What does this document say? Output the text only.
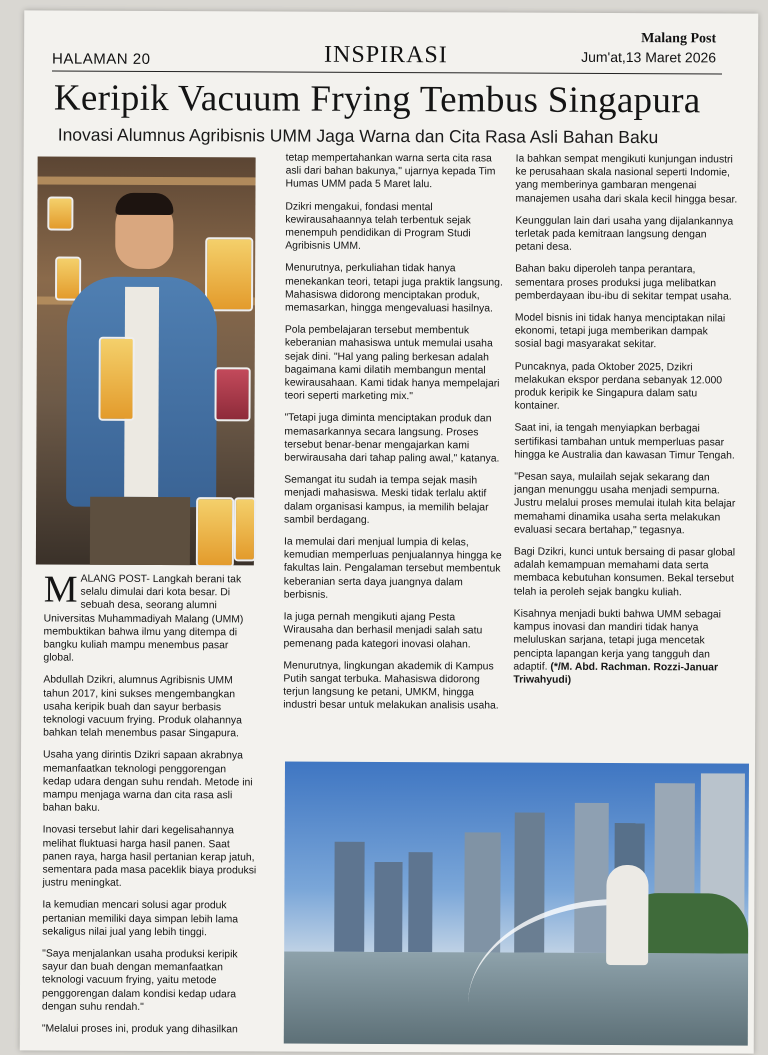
HALAMAN 20	INSPIRASI
Malang Post
Jum'at,13 Maret 2026
Keripik Vacuum Frying Tembus Singapura
Inovasi Alumnus Agribisnis UMM Jaga Warna dan Cita Rasa Asli Bahan Baku

MALANG POST- Langkah berani tak selalu dimulai dari kota besar. Di sebuah desa, seorang alumni Universitas Muhammadiyah Malang (UMM) membuktikan bahwa ilmu yang ditempa di bangku kuliah mampu menembus pasar global.

Abdullah Dzikri, alumnus Agribisnis UMM tahun 2017, kini sukses mengembangkan usaha keripik buah dan sayur berbasis teknologi vacuum frying. Produk olahannya bahkan telah menembus pasar Singapura.

Usaha yang dirintis Dzikri sapaan akrabnya memanfaatkan teknologi penggorengan kedap udara dengan suhu rendah. Metode ini mampu menjaga warna dan cita rasa asli bahan baku.

Inovasi tersebut lahir dari kegelisahannya melihat fluktuasi harga hasil panen. Saat panen raya, harga hasil pertanian kerap jatuh, sementara pada masa paceklik biaya produksi justru meningkat.

Ia kemudian mencari solusi agar produk pertanian memiliki daya simpan lebih lama sekaligus nilai jual yang lebih tinggi.

"Saya menjalankan usaha produksi keripik sayur dan buah dengan memanfaatkan teknologi vacuum frying, yaitu metode penggorengan dalam kondisi kedap udara dengan suhu rendah."

"Melalui proses ini, produk yang dihasilkan

tetap mempertahankan warna serta cita rasa asli dari bahan bakunya," ujarnya kepada Tim Humas UMM pada 5 Maret lalu.

Dzikri mengakui, fondasi mental kewirausahaannya telah terbentuk sejak menempuh pendidikan di Program Studi Agribisnis UMM.

Menurutnya, perkuliahan tidak hanya menekankan teori, tetapi juga praktik langsung. Mahasiswa didorong menciptakan produk, memasarkan, hingga mengevaluasi hasilnya.

Pola pembelajaran tersebut membentuk keberanian mahasiswa untuk memulai usaha sejak dini. "Hal yang paling berkesan adalah bagaimana kami dilatih membangun mental kewirausahaan. Kami tidak hanya mempelajari teori seperti marketing mix."

"Tetapi juga diminta menciptakan produk dan memasarkannya secara langsung. Proses tersebut benar-benar mengajarkan kami berwirausaha dari tahap paling awal," katanya.

Semangat itu sudah ia tempa sejak masih menjadi mahasiswa. Meski tidak terlalu aktif dalam organisasi kampus, ia memilih belajar sambil berdagang.

Ia memulai dari menjual lumpia di kelas, kemudian memperluas penjualannya hingga ke fakultas lain. Pengalaman tersebut membentuk keberanian serta daya juangnya dalam berbisnis.

Ia juga pernah mengikuti ajang Pesta Wirausaha dan berhasil menjadi salah satu pemenang pada kategori inovasi olahan.

Menurutnya, lingkungan akademik di Kampus Putih sangat terbuka. Mahasiswa didorong terjun langsung ke petani, UMKM, hingga industri besar untuk melakukan analisis usaha.

Ia bahkan sempat mengikuti kunjungan industri ke perusahaan skala nasional seperti Indomie, yang memberinya gambaran mengenai manajemen usaha dari skala kecil hingga besar.

Keunggulan lain dari usaha yang dijalankannya terletak pada kemitraan langsung dengan petani desa.

Bahan baku diperoleh tanpa perantara, sementara proses produksi juga melibatkan pemberdayaan ibu-ibu di sekitar tempat usaha.

Model bisnis ini tidak hanya menciptakan nilai ekonomi, tetapi juga memberikan dampak sosial bagi masyarakat sekitar.

Puncaknya, pada Oktober 2025, Dzikri melakukan ekspor perdana sebanyak 12.000 produk keripik ke Singapura dalam satu kontainer.

Saat ini, ia tengah menyiapkan berbagai sertifikasi tambahan untuk memperluas pasar hingga ke Australia dan kawasan Timur Tengah.

"Pesan saya, mulailah sejak sekarang dan jangan menunggu usaha menjadi sempurna. Justru melalui proses memulai itulah kita belajar memahami dinamika usaha serta melakukan evaluasi secara bertahap," tegasnya.

Bagi Dzikri, kunci untuk bersaing di pasar global adalah kemampuan memahami data serta membaca kebutuhan konsumen. Bekal tersebut telah ia peroleh sejak bangku kuliah.

Kisahnya menjadi bukti bahwa UMM sebagai kampus inovasi dan mandiri tidak hanya meluluskan sarjana, tetapi juga mencetak pencipta lapangan kerja yang tangguh dan adaptif. (*/M. Abd. Rachman. Rozzi-Januar Triwahyudi)
